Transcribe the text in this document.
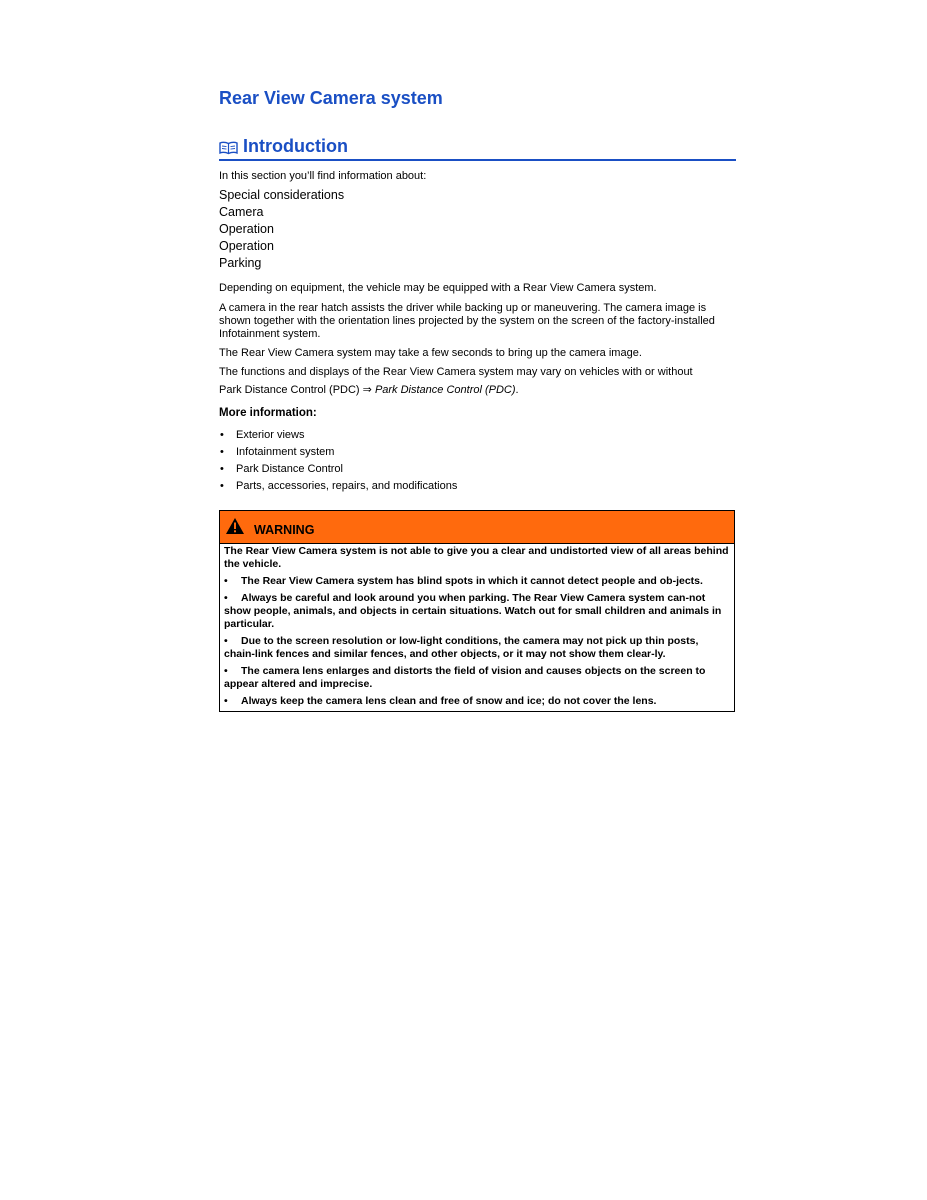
Rear View Camera system
Introduction
In this section you’ll find information about:
Special considerations
Camera
Operation
Operation
Parking
Depending on equipment, the vehicle may be equipped with a Rear View Camera system.
A camera in the rear hatch assists the driver while backing up or maneuvering. The camera image is shown together with the orientation lines projected by the system on the screen of the factory-installed Infotainment system.
The Rear View Camera system may take a few seconds to bring up the camera image.
The functions and displays of the Rear View Camera system may vary on vehicles with or without
Park Distance Control (PDC) ⇒ Park Distance Control (PDC).
More information:
• Exterior views
• Infotainment system
• Park Distance Control
• Parts, accessories, repairs, and modifications
WARNING

The Rear View Camera system is not able to give you a clear and undistorted view of all areas behind the vehicle.

• The Rear View Camera system has blind spots in which it cannot detect people and ob-jects.

• Always be careful and look around you when parking. The Rear View Camera system can-not show people, animals, and objects in certain situations. Watch out for small children and animals in particular.

• Due to the screen resolution or low-light conditions, the camera may not pick up thin posts, chain-link fences and similar fences, and other objects, or it may not show them clear-ly.

• The camera lens enlarges and distorts the field of vision and causes objects on the screen to appear altered and imprecise.

• Always keep the camera lens clean and free of snow and ice; do not cover the lens.
